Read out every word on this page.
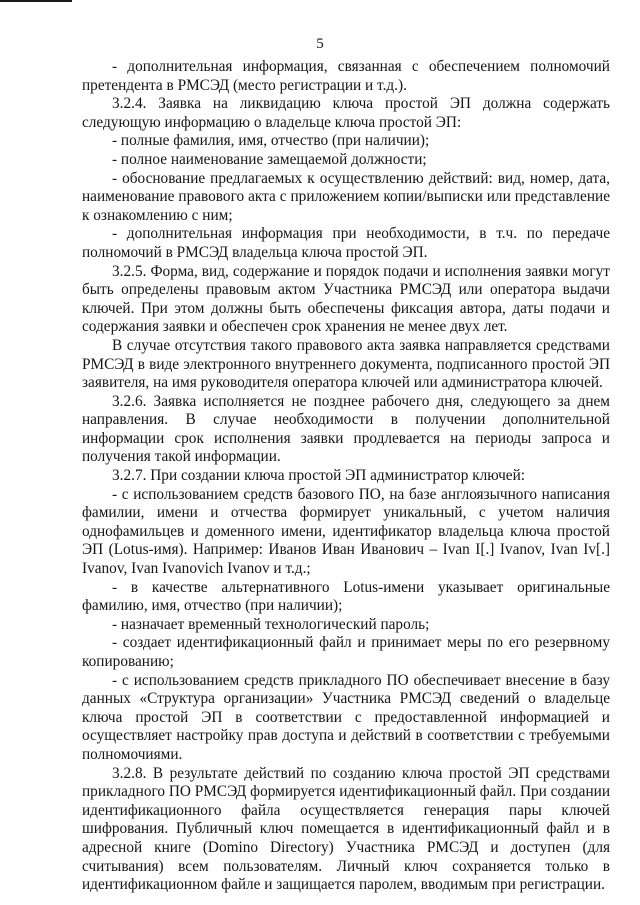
5

- дополнительная информация, связанная с обеспечением полномочий претендента в РМСЭД (место регистрации и т.д.).

3.2.4. Заявка на ликвидацию ключа простой ЭП должна содержать следующую информацию о владельце ключа простой ЭП:

- полные фамилия, имя, отчество (при наличии);

- полное наименование замещаемой должности;

- обоснование предлагаемых к осуществлению действий: вид, номер, дата, наименование правового акта с приложением копии/выписки или представление к ознакомлению с ним;

- дополнительная информация при необходимости, в т.ч. по передаче полномочий в РМСЭД владельца ключа простой ЭП.

3.2.5. Форма, вид, содержание и порядок подачи и исполнения заявки могут быть определены правовым актом Участника РМСЭД или оператора выдачи ключей. При этом должны быть обеспечены фиксация автора, даты подачи и содержания заявки и обеспечен срок хранения не менее двух лет.

В случае отсутствия такого правового акта заявка направляется средствами РМСЭД в виде электронного внутреннего документа, подписанного простой ЭП заявителя, на имя руководителя оператора ключей или администратора ключей.

3.2.6. Заявка исполняется не позднее рабочего дня, следующего за днем направления. В случае необходимости в получении дополнительной информации срок исполнения заявки продлевается на периоды запроса и получения такой информации.

3.2.7. При создании ключа простой ЭП администратор ключей:

- с использованием средств базового ПО, на базе англоязычного написания фамилии, имени и отчества формирует уникальный, с учетом наличия однофамильцев и доменного имени, идентификатор владельца ключа простой ЭП (Lotus-имя). Например: Иванов Иван Иванович – Ivan I[.] Ivanov, Ivan Iv[.] Ivanov, Ivan Ivanovich Ivanov и т.д.;

- в качестве альтернативного Lotus-имени указывает оригинальные фамилию, имя, отчество (при наличии);

- назначает временный технологический пароль;

- создает идентификационный файл и принимает меры по его резервному копированию;

- с использованием средств прикладного ПО обеспечивает внесение в базу данных «Структура организации» Участника РМСЭД сведений о владельце ключа простой ЭП в соответствии с предоставленной информацией и осуществляет настройку прав доступа и действий в соответствии с требуемыми полномочиями.

3.2.8. В результате действий по созданию ключа простой ЭП средствами прикладного ПО РМСЭД формируется идентификационный файл. При создании идентификационного файла осуществляется генерация пары ключей шифрования. Публичный ключ помещается в идентификационный файл и в адресной книге (Domino Directory) Участника РМСЭД и доступен (для считывания) всем пользователям. Личный ключ сохраняется только в идентификационном файле и защищается паролем, вводимым при регистрации.
